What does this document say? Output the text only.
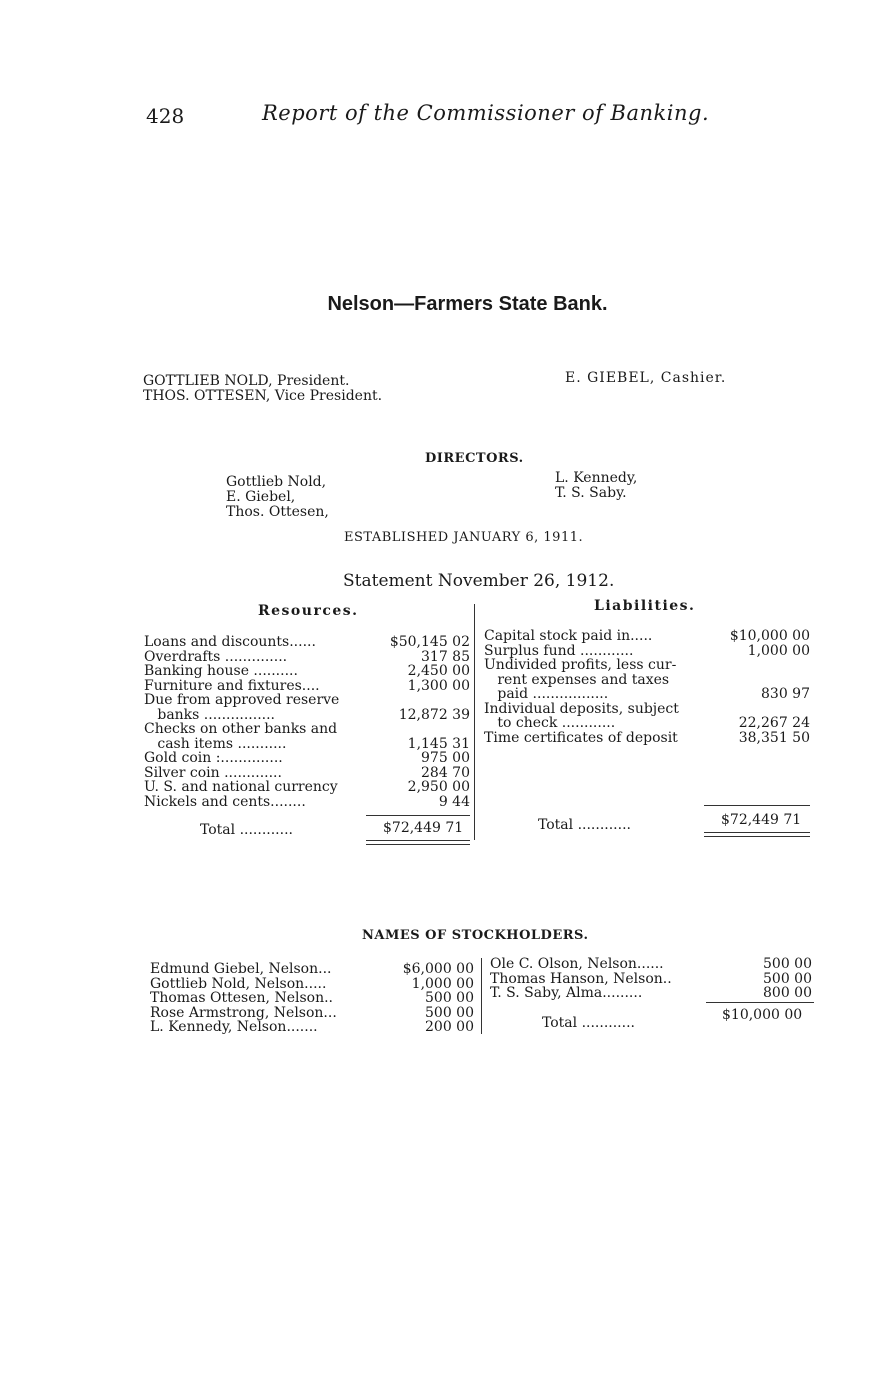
428	Report of the Commissioner of Banking.
Nelson—Farmers State Bank.
GOTTLIEB NOLD, President.
THOS. OTTESEN, Vice President.
E. GIEBEL, Cashier.
DIRECTORS.
Gottlieb Nold,
E. Giebel,
Thos. Ottesen,
L. Kennedy,
T. S. Saby.
ESTABLISHED JANUARY 6, 1911.
Statement November 26, 1912.
Resources.	Liabilities.
Loans and discounts......	$50,145 02
Overdrafts ..............	317 85
Banking house ..........	2,450 00
Furniture and fixtures....	1,300 00
Due from approved reserve
banks ................	12,872 39
Checks on other banks and
cash items ...........	1,145 31
Gold coin :..............	975 00
Silver coin .............	284 70
U. S. and national currency	2,950 00
Nickels and cents........	9 44
Total ............	$72,449 71
Capital stock paid in.....	$10,000 00
Surplus fund ............	1,000 00
Undivided profits, less cur-
rent expenses and taxes
paid .................	830 97
Individual deposits, subject
to check ............	22,267 24
Time certificates of deposit	38,351 50
Total ............	$72,449 71
NAMES OF STOCKHOLDERS.
Edmund Giebel, Nelson...	$6,000 00
Gottlieb Nold, Nelson.....	1,000 00
Thomas Ottesen, Nelson..	500 00
Rose Armstrong, Nelson...	500 00
L. Kennedy, Nelson.......	200 00
Ole C. Olson, Nelson......	500 00
Thomas Hanson, Nelson..	500 00
T. S. Saby, Alma.........	800 00
Total ............	$10,000 00
